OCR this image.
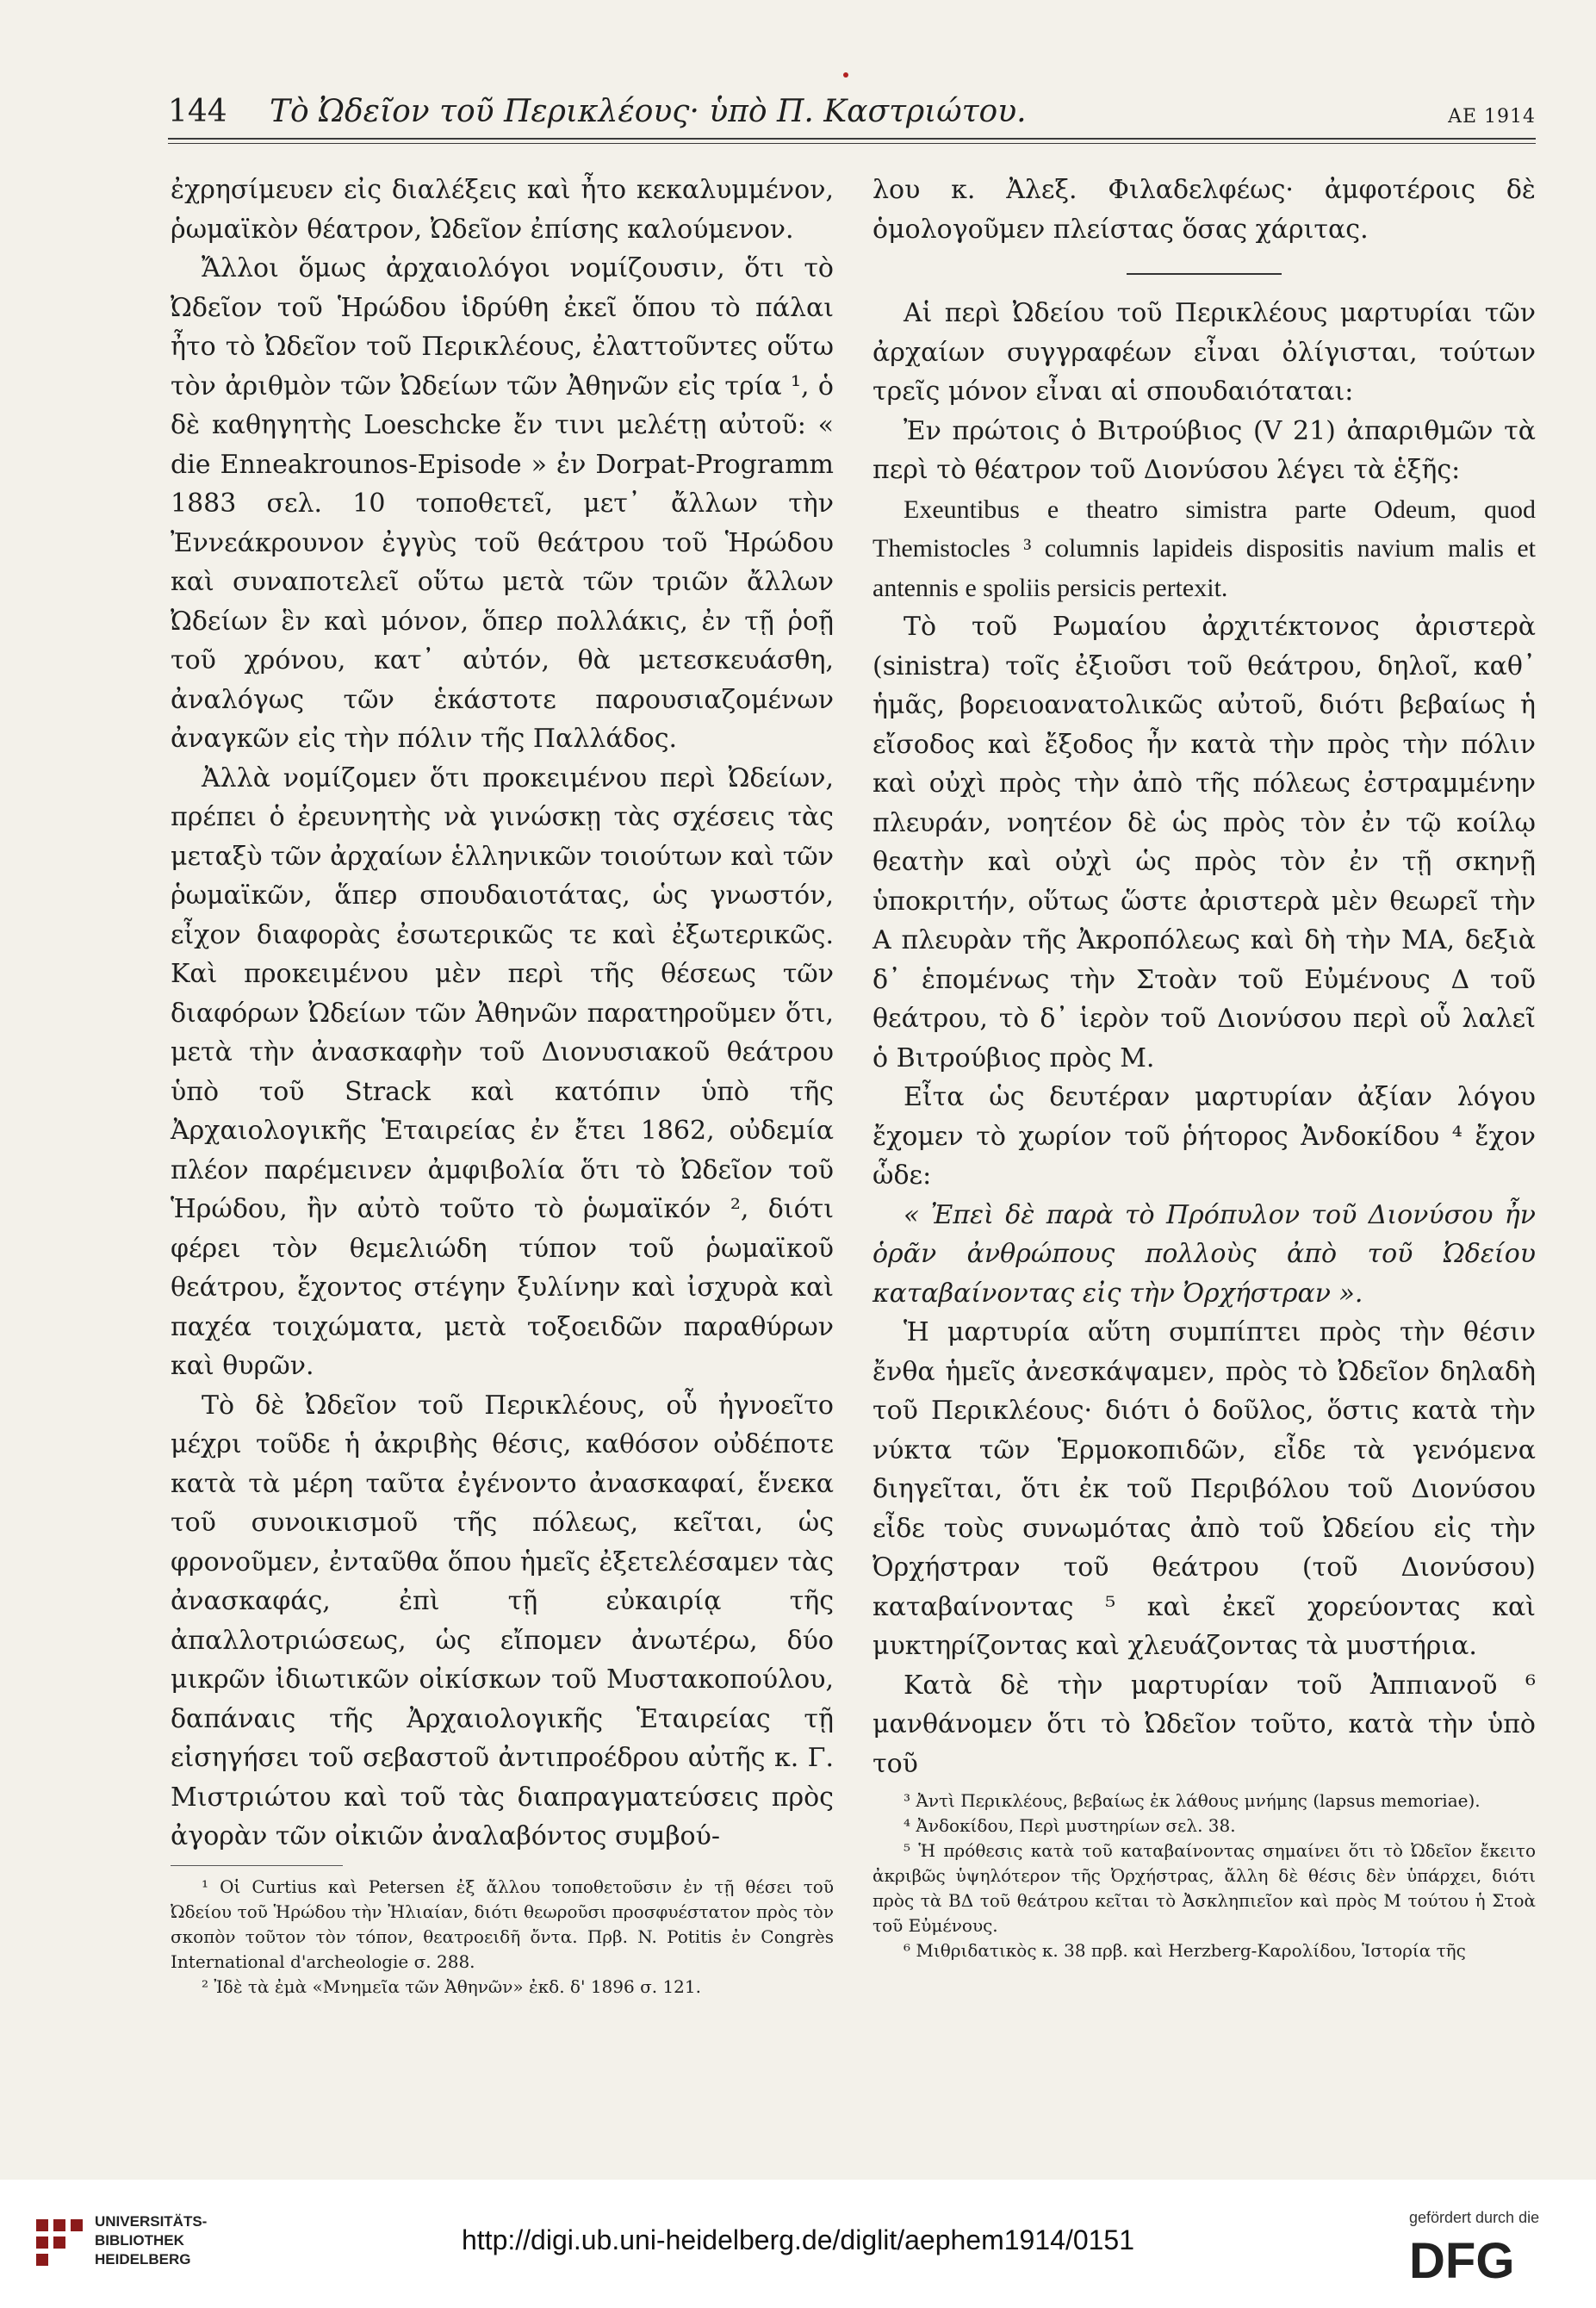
144 Τὸ Ὠδεῖον τοῦ Περικλέους· ὑπὸ Π. Καστριώτου.	ΑΕ 1914

ἐχρησίμευεν εἰς διαλέξεις καὶ ἦτο κεκαλυμμένον, ῥωμαϊκὸν θέατρον, Ὠδεῖον ἐπίσης καλούμενον.

Ἄλλοι ὅμως ἀρχαιολόγοι νομίζουσιν, ὅτι τὸ Ὠδεῖον τοῦ Ἡρώδου ἱδρύθη ἐκεῖ ὅπου τὸ πάλαι ἦτο τὸ Ὠδεῖον τοῦ Περικλέους, ἐλαττοῦντες οὕτω τὸν ἀριθμὸν τῶν Ὠδείων τῶν Ἀθηνῶν εἰς τρία ¹, ὁ δὲ καθηγητὴς Loeschcke ἔν τινι μελέτῃ αὐτοῦ: « die Enneakrounos-Episode » ἐν Dorpat-Programm 1883 σελ. 10 τοποθετεῖ, μετ᾽ ἄλλων τὴν Ἐννεάκρουνον ἐγγὺς τοῦ θεάτρου τοῦ Ἡρώδου καὶ συναποτελεῖ οὕτω μετὰ τῶν τριῶν ἄλλων Ὠδείων ἓν καὶ μόνον, ὅπερ πολλάκις, ἐν τῇ ῥοῇ τοῦ χρόνου, κατ᾽ αὐτόν, θὰ μετεσκευάσθη, ἀναλόγως τῶν ἑκάστοτε παρουσιαζομένων ἀναγκῶν εἰς τὴν πόλιν τῆς Παλλάδος.

Ἀλλὰ νομίζομεν ὅτι προκειμένου περὶ Ὠδείων, πρέπει ὁ ἐρευνητὴς νὰ γινώσκῃ τὰς σχέσεις τὰς μεταξὺ τῶν ἀρχαίων ἑλληνικῶν τοιούτων καὶ τῶν ῥωμαϊκῶν, ἅπερ σπουδαιοτάτας, ὡς γνωστόν, εἶχον διαφορὰς ἐσωτερικῶς τε καὶ ἐξωτερικῶς. Καὶ προκειμένου μὲν περὶ τῆς θέσεως τῶν διαφόρων Ὠδείων τῶν Ἀθηνῶν παρατηροῦμεν ὅτι, μετὰ τὴν ἀνασκαφὴν τοῦ Διονυσιακοῦ θεάτρου ὑπὸ τοῦ Strack καὶ κατόπιν ὑπὸ τῆς Ἀρχαιολογικῆς Ἑταιρείας ἐν ἔτει 1862, οὐδεμία πλέον παρέμεινεν ἀμφιβολία ὅτι τὸ Ὠδεῖον τοῦ Ἡρώδου, ἢν αὐτὸ τοῦτο τὸ ῥωμαϊκόν ², διότι φέρει τὸν θεμελιώδη τύπον τοῦ ῥωμαϊκοῦ θεάτρου, ἔχοντος στέγην ξυλίνην καὶ ἰσχυρὰ καὶ παχέα τοιχώματα, μετὰ τοξοειδῶν παραθύρων καὶ θυρῶν.

Τὸ δὲ Ὠδεῖον τοῦ Περικλέους, οὗ ἠγνοεῖτο μέχρι τοῦδε ἡ ἀκριβὴς θέσις, καθόσον οὐδέποτε κατὰ τὰ μέρη ταῦτα ἐγένοντο ἀνασκαφαί, ἕνεκα τοῦ συνοικισμοῦ τῆς πόλεως, κεῖται, ὡς φρονοῦμεν, ἐνταῦθα ὅπου ἡμεῖς ἐξετελέσαμεν τὰς ἀνασκαφάς, ἐπὶ τῇ εὐκαιρίᾳ τῆς ἀπαλλοτριώσεως, ὡς εἴπομεν ἀνωτέρω, δύο μικρῶν ἰδιωτικῶν οἰκίσκων τοῦ Μυστακοπούλου, δαπάναις τῆς Ἀρχαιολογικῆς Ἑταιρείας τῇ εἰσηγήσει τοῦ σεβαστοῦ ἀντιπροέδρου αὐτῆς κ. Γ. Μιστριώτου καὶ τοῦ τὰς διαπραγματεύσεις πρὸς ἀγορὰν τῶν οἰκιῶν ἀναλαβόντος συμβού-

¹ Οἱ Curtius καὶ Petersen ἐξ ἄλλου τοποθετοῦσιν ἐν τῇ θέσει τοῦ Ὠδείου τοῦ Ἡρώδου τὴν Ἠλιαίαν, διότι θεωροῦσι προσφυέστατον πρὸς τὸν σκοπὸν τοῦτον τὸν τόπον, θεατροειδῆ ὄντα. Πρβ. N. Potitis ἐν Congrès International d'archeologie σ. 288.

² Ἰδὲ τὰ ἐμὰ «Μνημεῖα τῶν Ἀθηνῶν» ἐκδ. δ' 1896 σ. 121.

λου κ. Ἀλεξ. Φιλαδελφέως· ἀμφοτέροις δὲ ὁμολογοῦμεν πλείστας ὅσας χάριτας.

Αἱ περὶ Ὠδείου τοῦ Περικλέους μαρτυρίαι τῶν ἀρχαίων συγγραφέων εἶναι ὀλίγισται, τούτων τρεῖς μόνον εἶναι αἱ σπουδαιόταται:

Ἐν πρώτοις ὁ Βιτρούβιος (V 21) ἀπαριθμῶν τὰ περὶ τὸ θέατρον τοῦ Διονύσου λέγει τὰ ἑξῆς:

Exeuntibus e theatro simistra parte Odeum, quod Themistocles ³ columnis lapideis dispositis navium malis et antennis e spoliis persicis pertexit.

Τὸ τοῦ Ρωμαίου ἀρχιτέκτονος ἀριστερὰ (sinistra) τοῖς ἐξιοῦσι τοῦ θεάτρου, δηλοῖ, καθ᾽ ἡμᾶς, βορειοανατολικῶς αὐτοῦ, διότι βεβαίως ἡ εἴσοδος καὶ ἔξοδος ἦν κατὰ τὴν πρὸς τὴν πόλιν καὶ οὐχὶ πρὸς τὴν ἀπὸ τῆς πόλεως ἐστραμμένην πλευράν, νοητέον δὲ ὡς πρὸς τὸν ἐν τῷ κοίλῳ θεατὴν καὶ οὐχὶ ὡς πρὸς τὸν ἐν τῇ σκηνῇ ὑποκριτήν, οὕτως ὥστε ἀριστερὰ μὲν θεωρεῖ τὴν Α πλευρὰν τῆς Ἀκροπόλεως καὶ δὴ τὴν ΜΑ, δεξιὰ δ᾽ ἑπομένως τὴν Στοὰν τοῦ Εὐμένους Δ τοῦ θεάτρου, τὸ δ᾽ ἱερὸν τοῦ Διονύσου περὶ οὗ λαλεῖ ὁ Βιτρούβιος πρὸς Μ.

Εἶτα ὡς δευτέραν μαρτυρίαν ἀξίαν λόγου ἔχομεν τὸ χωρίον τοῦ ῥήτορος Ἀνδοκίδου ⁴ ἔχον ὧδε:

« Ἐπεὶ δὲ παρὰ τὸ Πρόπυλον τοῦ Διονύσου ἦν ὁρᾶν ἀνθρώπους πολλοὺς ἀπὸ τοῦ Ὠδείου καταβαίνοντας εἰς τὴν Ὀρχήστραν ».

Ἡ μαρτυρία αὕτη συμπίπτει πρὸς τὴν θέσιν ἔνθα ἡμεῖς ἀνεσκάψαμεν, πρὸς τὸ Ὠδεῖον δηλαδὴ τοῦ Περικλέους· διότι ὁ δοῦλος, ὅστις κατὰ τὴν νύκτα τῶν Ἑρμοκοπιδῶν, εἶδε τὰ γενόμενα διηγεῖται, ὅτι ἐκ τοῦ Περιβόλου τοῦ Διονύσου εἶδε τοὺς συνωμότας ἀπὸ τοῦ Ὠδείου εἰς τὴν Ὀρχήστραν τοῦ θεάτρου (τοῦ Διονύσου) καταβαίνοντας ⁵ καὶ ἐκεῖ χορεύοντας καὶ μυκτηρίζοντας καὶ χλευάζοντας τὰ μυστήρια.

Κατὰ δὲ τὴν μαρτυρίαν τοῦ Ἀππιανοῦ ⁶ μανθάνομεν ὅτι τὸ Ὠδεῖον τοῦτο, κατὰ τὴν ὑπὸ τοῦ

³ Ἀντὶ Περικλέους, βεβαίως ἐκ λάθους μνήμης (lapsus memoriae).

⁴ Ἀνδοκίδου, Περὶ μυστηρίων σελ. 38.

⁵ Ἡ πρόθεσις κατὰ τοῦ καταβαίνοντας σημαίνει ὅτι τὸ Ὠδεῖον ἔκειτο ἀκριβῶς ὑψηλότερον τῆς Ὀρχήστρας, ἄλλη δὲ θέσις δὲν ὑπάρχει, διότι πρὸς τὰ ΒΔ τοῦ θεάτρου κεῖται τὸ Ἀσκληπιεῖον καὶ πρὸς Μ τούτου ἡ Στοὰ τοῦ Εὐμένους.

⁶ Μιθριδατικὸς κ. 38 πρβ. καὶ Herzberg-Καρολίδου, Ἱστορία τῆς

UNIVERSITÄTS-
BIBLIOTHEK
HEIDELBERG
http://digi.ub.uni-heidelberg.de/diglit/aephem1914/0151
gefördert durch die
DFG
